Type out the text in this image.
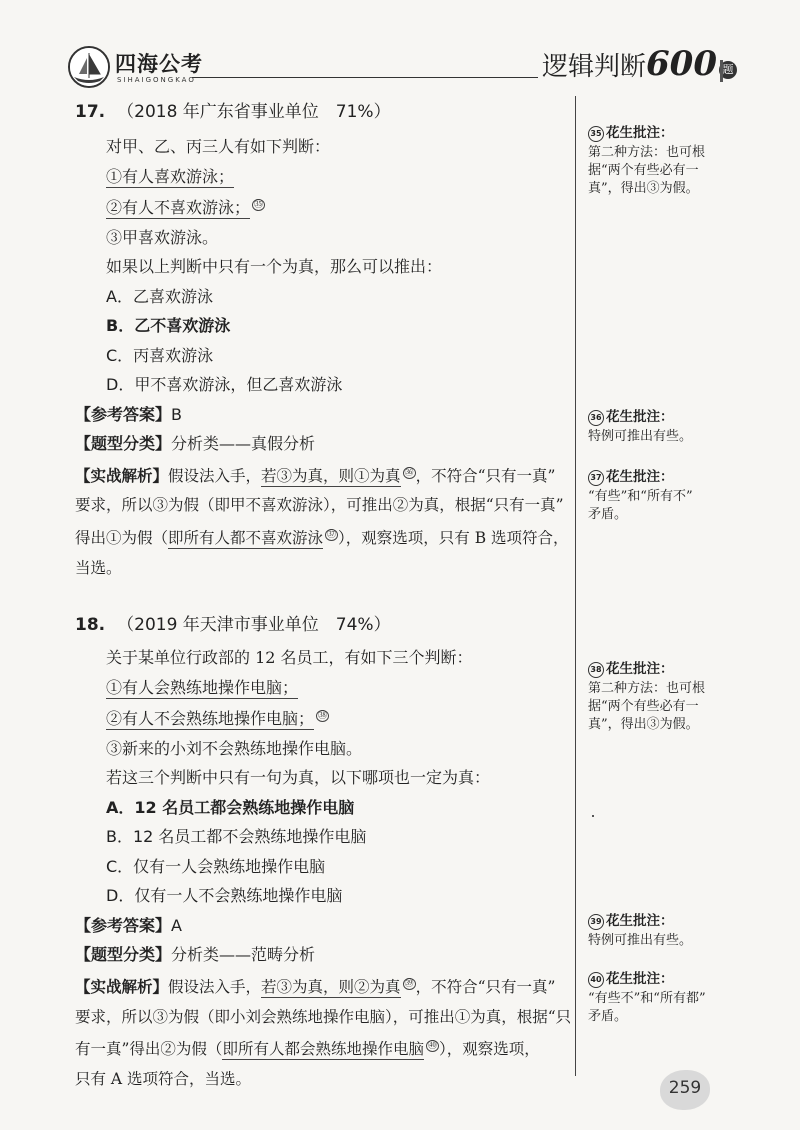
四海公考
SIHAIGONGKAO	逻辑判断600 题
17. （2018 年广东省事业单位　71%）
对甲、乙、丙三人有如下判断：
①有人喜欢游泳；
②有人不喜欢游泳； $^㉟$
③甲喜欢游泳。
如果以上判断中只有一个为真，那么可以推出：
A．乙喜欢游泳
B．乙不喜欢游泳
C．丙喜欢游泳
D．甲不喜欢游泳，但乙喜欢游泳
【参考答案】B
【题型分类】分析类——真假分析
【实战解析】假设法入手，若③为真，则①为真 $^㊱$ ，不符合“只有一真”
要求，所以③为假（即甲不喜欢游泳），可推出②为真，根据“只有一真”
得出①为假（即所有人都不喜欢游泳 $^㊲$ ），观察选项，只有 B 选项符合，
当选。
18. （2019 年天津市事业单位　74%）
关于某单位行政部的 12 名员工，有如下三个判断：
①有人会熟练地操作电脑；
②有人不会熟练地操作电脑； $^㊳$
③新来的小刘不会熟练地操作电脑。
若这三个判断中只有一句为真，以下哪项也一定为真：
A．12 名员工都会熟练地操作电脑
B．12 名员工都不会熟练地操作电脑
C．仅有一人会熟练地操作电脑
D．仅有一人不会熟练地操作电脑
【参考答案】A
【题型分类】分析类——范畴分析
【实战解析】假设法入手，若③为真，则②为真 $^㊴$ ，不符合“只有一真”
要求，所以③为假（即小刘会熟练地操作电脑），可推出①为真，根据“只
有一真”得出②为假（即所有人都会熟练地操作电脑 $^㊵$ ），观察选项，
只有 A 选项符合，当选。
35 花生批注：
第二种方法：也可根
据“两个有些必有一
真”，得出③为假。
36 花生批注：
特例可推出有些。
37 花生批注：
“有些”和“所有不”
矛盾。
38 花生批注：
第二种方法：也可根
据“两个有些必有一
真”，得出③为假。
39 花生批注：
特例可推出有些。
40 花生批注：
“有些不”和“所有都”
矛盾。
259
